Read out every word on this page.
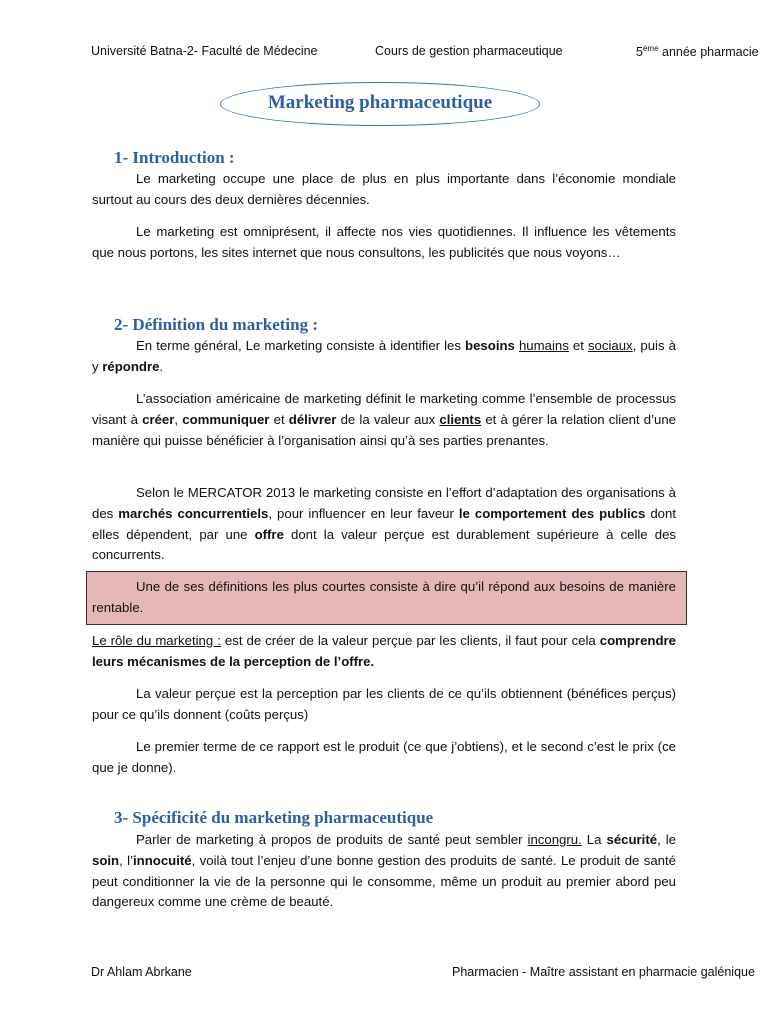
Université Batna-2- Faculté de Médecine	Cours de gestion pharmaceutique	5ème année pharmacie
Marketing pharmaceutique
1- Introduction :
Le marketing occupe une place de plus en plus importante dans l’économie mondiale surtout au cours des deux dernières décennies.
Le marketing est omniprésent, il affecte nos vies quotidiennes. Il influence les vêtements que nous portons, les sites internet que nous consultons, les publicités que nous voyons…
2- Définition du marketing :
En terme général, Le marketing consiste à identifier les besoins humains et sociaux, puis à y répondre.
L’association américaine de marketing définit le marketing comme l’ensemble de processus visant à créer, communiquer et délivrer de la valeur aux clients et à gérer la relation client d’une manière qui puisse bénéficier à l’organisation ainsi qu’à ses parties prenantes.
Selon le MERCATOR 2013 le marketing consiste en l’effort d’adaptation des organisations à des marchés concurrentiels, pour influencer en leur faveur le comportement des publics dont elles dépendent, par une offre dont la valeur perçue est durablement supérieure à celle des concurrents.
Une de ses définitions les plus courtes consiste à dire qu’il répond aux besoins de manière rentable.
Le rôle du marketing : est de créer de la valeur perçue par les clients, il faut pour cela comprendre leurs mécanismes de la perception de l’offre.
La valeur perçue est la perception par les clients de ce qu’ils obtiennent (bénéfices perçus) pour ce qu’ils donnent (coûts perçus)
Le premier terme de ce rapport est le produit (ce que j’obtiens), et le second c’est le prix (ce que je donne).
3- Spécificité du marketing pharmaceutique
Parler de marketing à propos de produits de santé peut sembler incongru. La sécurité, le soin, l’innocuité, voilà tout l’enjeu d’une bonne gestion des produits de santé. Le produit de santé peut conditionner la vie de la personne qui le consomme, même un produit au premier abord peu dangereux comme une crème de beauté.
Dr Ahlam Abrkane	Pharmacien - Maître assistant en pharmacie galénique
